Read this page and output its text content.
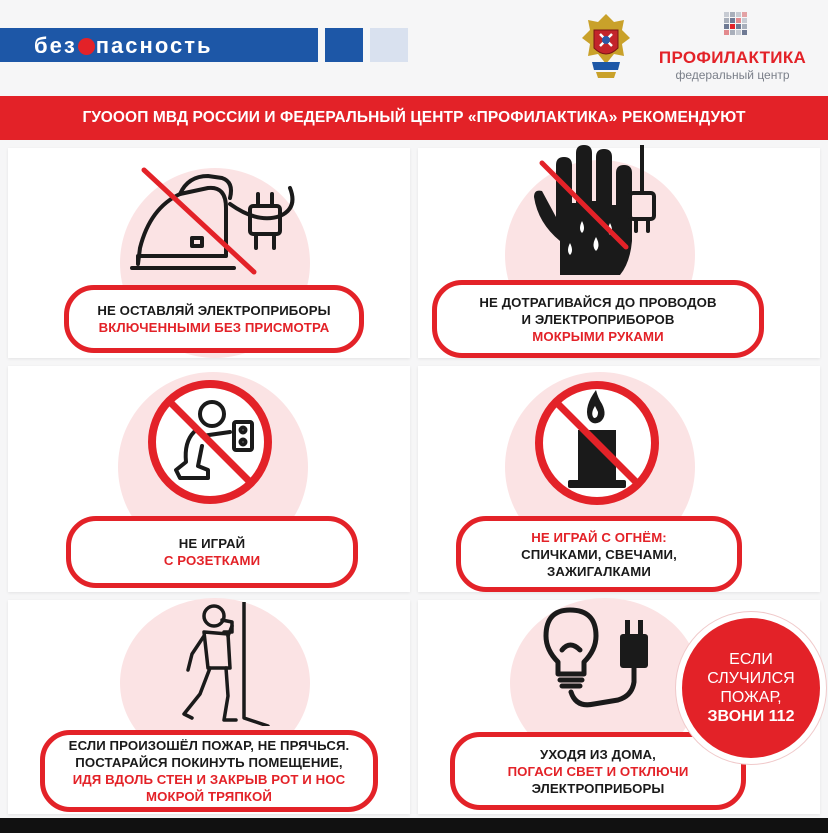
без пасность	ПРОФИЛАКТИКА
федеральный центр
ГУОООП МВД РОССИИ И ФЕДЕРАЛЬНЫЙ ЦЕНТР «ПРОФИЛАКТИКА» РЕКОМЕНДУЮТ
НЕ ОСТАВЛЯЙ ЭЛЕКТРОПРИБОРЫ
ВКЛЮЧЕННЫМИ БЕЗ ПРИСМОТРА
НЕ ДОТРАГИВАЙСЯ ДО ПРОВОДОВ
И ЭЛЕКТРОПРИБОРОВ
МОКРЫМИ РУКАМИ
НЕ ИГРАЙ
С РОЗЕТКАМИ
НЕ ИГРАЙ С ОГНЁМ:
СПИЧКАМИ, СВЕЧАМИ,
ЗАЖИГАЛКАМИ
ЕСЛИ ПРОИЗОШЁЛ ПОЖАР, НЕ ПРЯЧЬСЯ.
ПОСТАРАЙСЯ ПОКИНУТЬ ПОМЕЩЕНИЕ,
ИДЯ ВДОЛЬ СТЕН И ЗАКРЫВ РОТ И НОС
МОКРОЙ ТРЯПКОЙ
УХОДЯ ИЗ ДОМА,
ПОГАСИ СВЕТ И ОТКЛЮЧИ
ЭЛЕКТРОПРИБОРЫ
ЕСЛИ
СЛУЧИЛСЯ
ПОЖАР,
ЗВОНИ 112
